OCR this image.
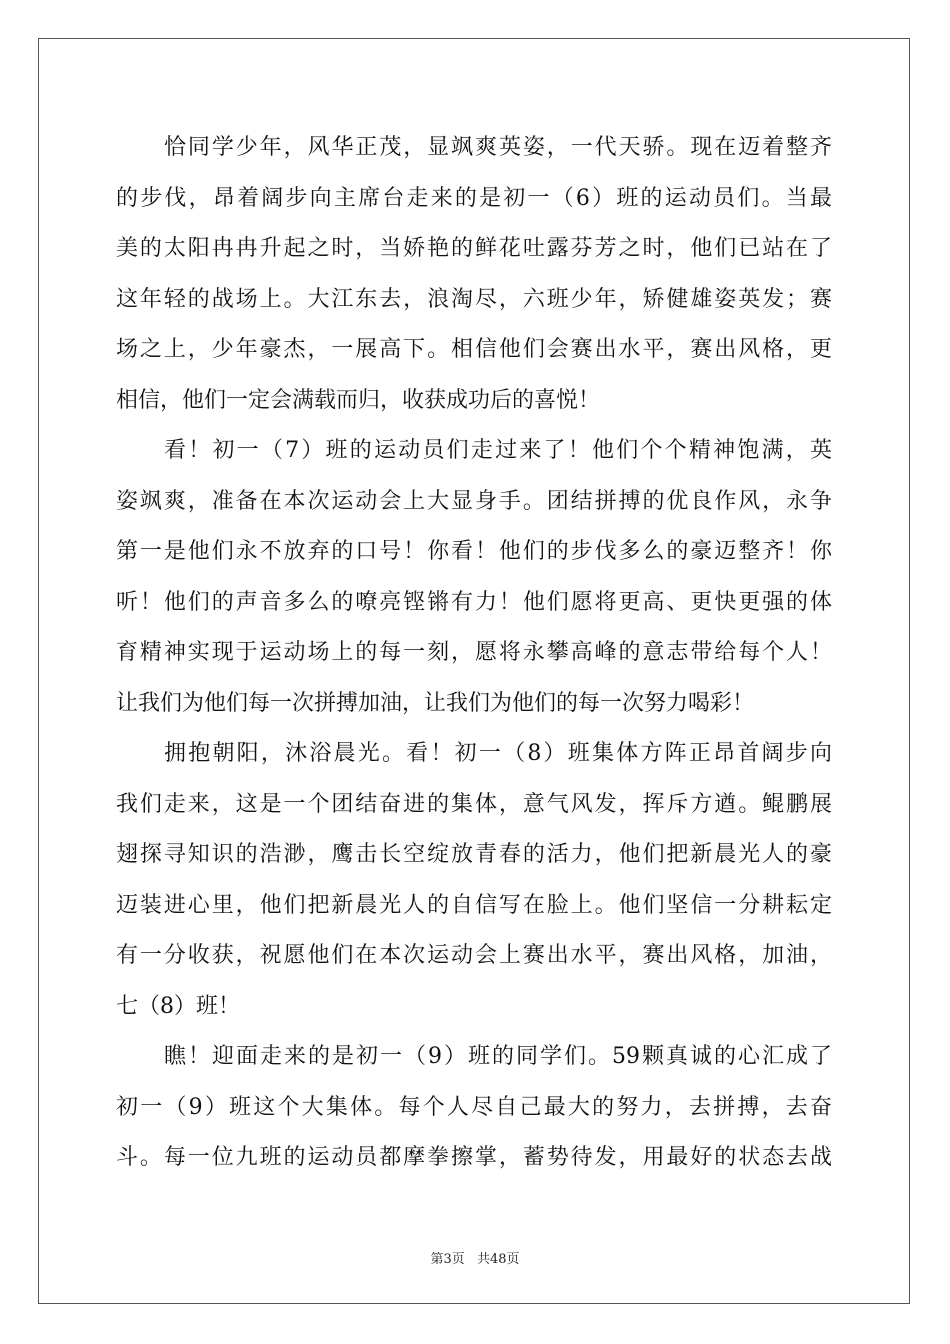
恰同学少年，风华正茂，显飒爽英姿，一代天骄。现在迈着整齐
的步伐，昂着阔步向主席台走来的是初一（6）班的运动员们。当最
美的太阳冉冉升起之时，当娇艳的鲜花吐露芬芳之时，他们已站在了
这年轻的战场上。大江东去，浪淘尽，六班少年，矫健雄姿英发；赛
场之上，少年豪杰，一展高下。相信他们会赛出水平，赛出风格，更
相信，他们一定会满载而归，收获成功后的喜悦！
看！初一（7）班的运动员们走过来了！他们个个精神饱满，英
姿飒爽，准备在本次运动会上大显身手。团结拼搏的优良作风，永争
第一是他们永不放弃的口号！你看！他们的步伐多么的豪迈整齐！你
听！他们的声音多么的嘹亮铿锵有力！他们愿将更高、更快更强的体
育精神实现于运动场上的每一刻，愿将永攀高峰的意志带给每个人！
让我们为他们每一次拼搏加油，让我们为他们的每一次努力喝彩！
拥抱朝阳，沐浴晨光。看！初一（8）班集体方阵正昂首阔步向
我们走来，这是一个团结奋进的集体，意气风发，挥斥方遒。鲲鹏展
翅探寻知识的浩渺，鹰击长空绽放青春的活力，他们把新晨光人的豪
迈装进心里，他们把新晨光人的自信写在脸上。他们坚信一分耕耘定
有一分收获，祝愿他们在本次运动会上赛出水平，赛出风格，加油，
七（8）班！
瞧！迎面走来的是初一（9）班的同学们。59颗真诚的心汇成了
初一（9）班这个大集体。每个人尽自己最大的努力，去拼搏，去奋
斗。每一位九班的运动员都摩拳擦掌，蓄势待发，用最好的状态去战
第3页 共48页
